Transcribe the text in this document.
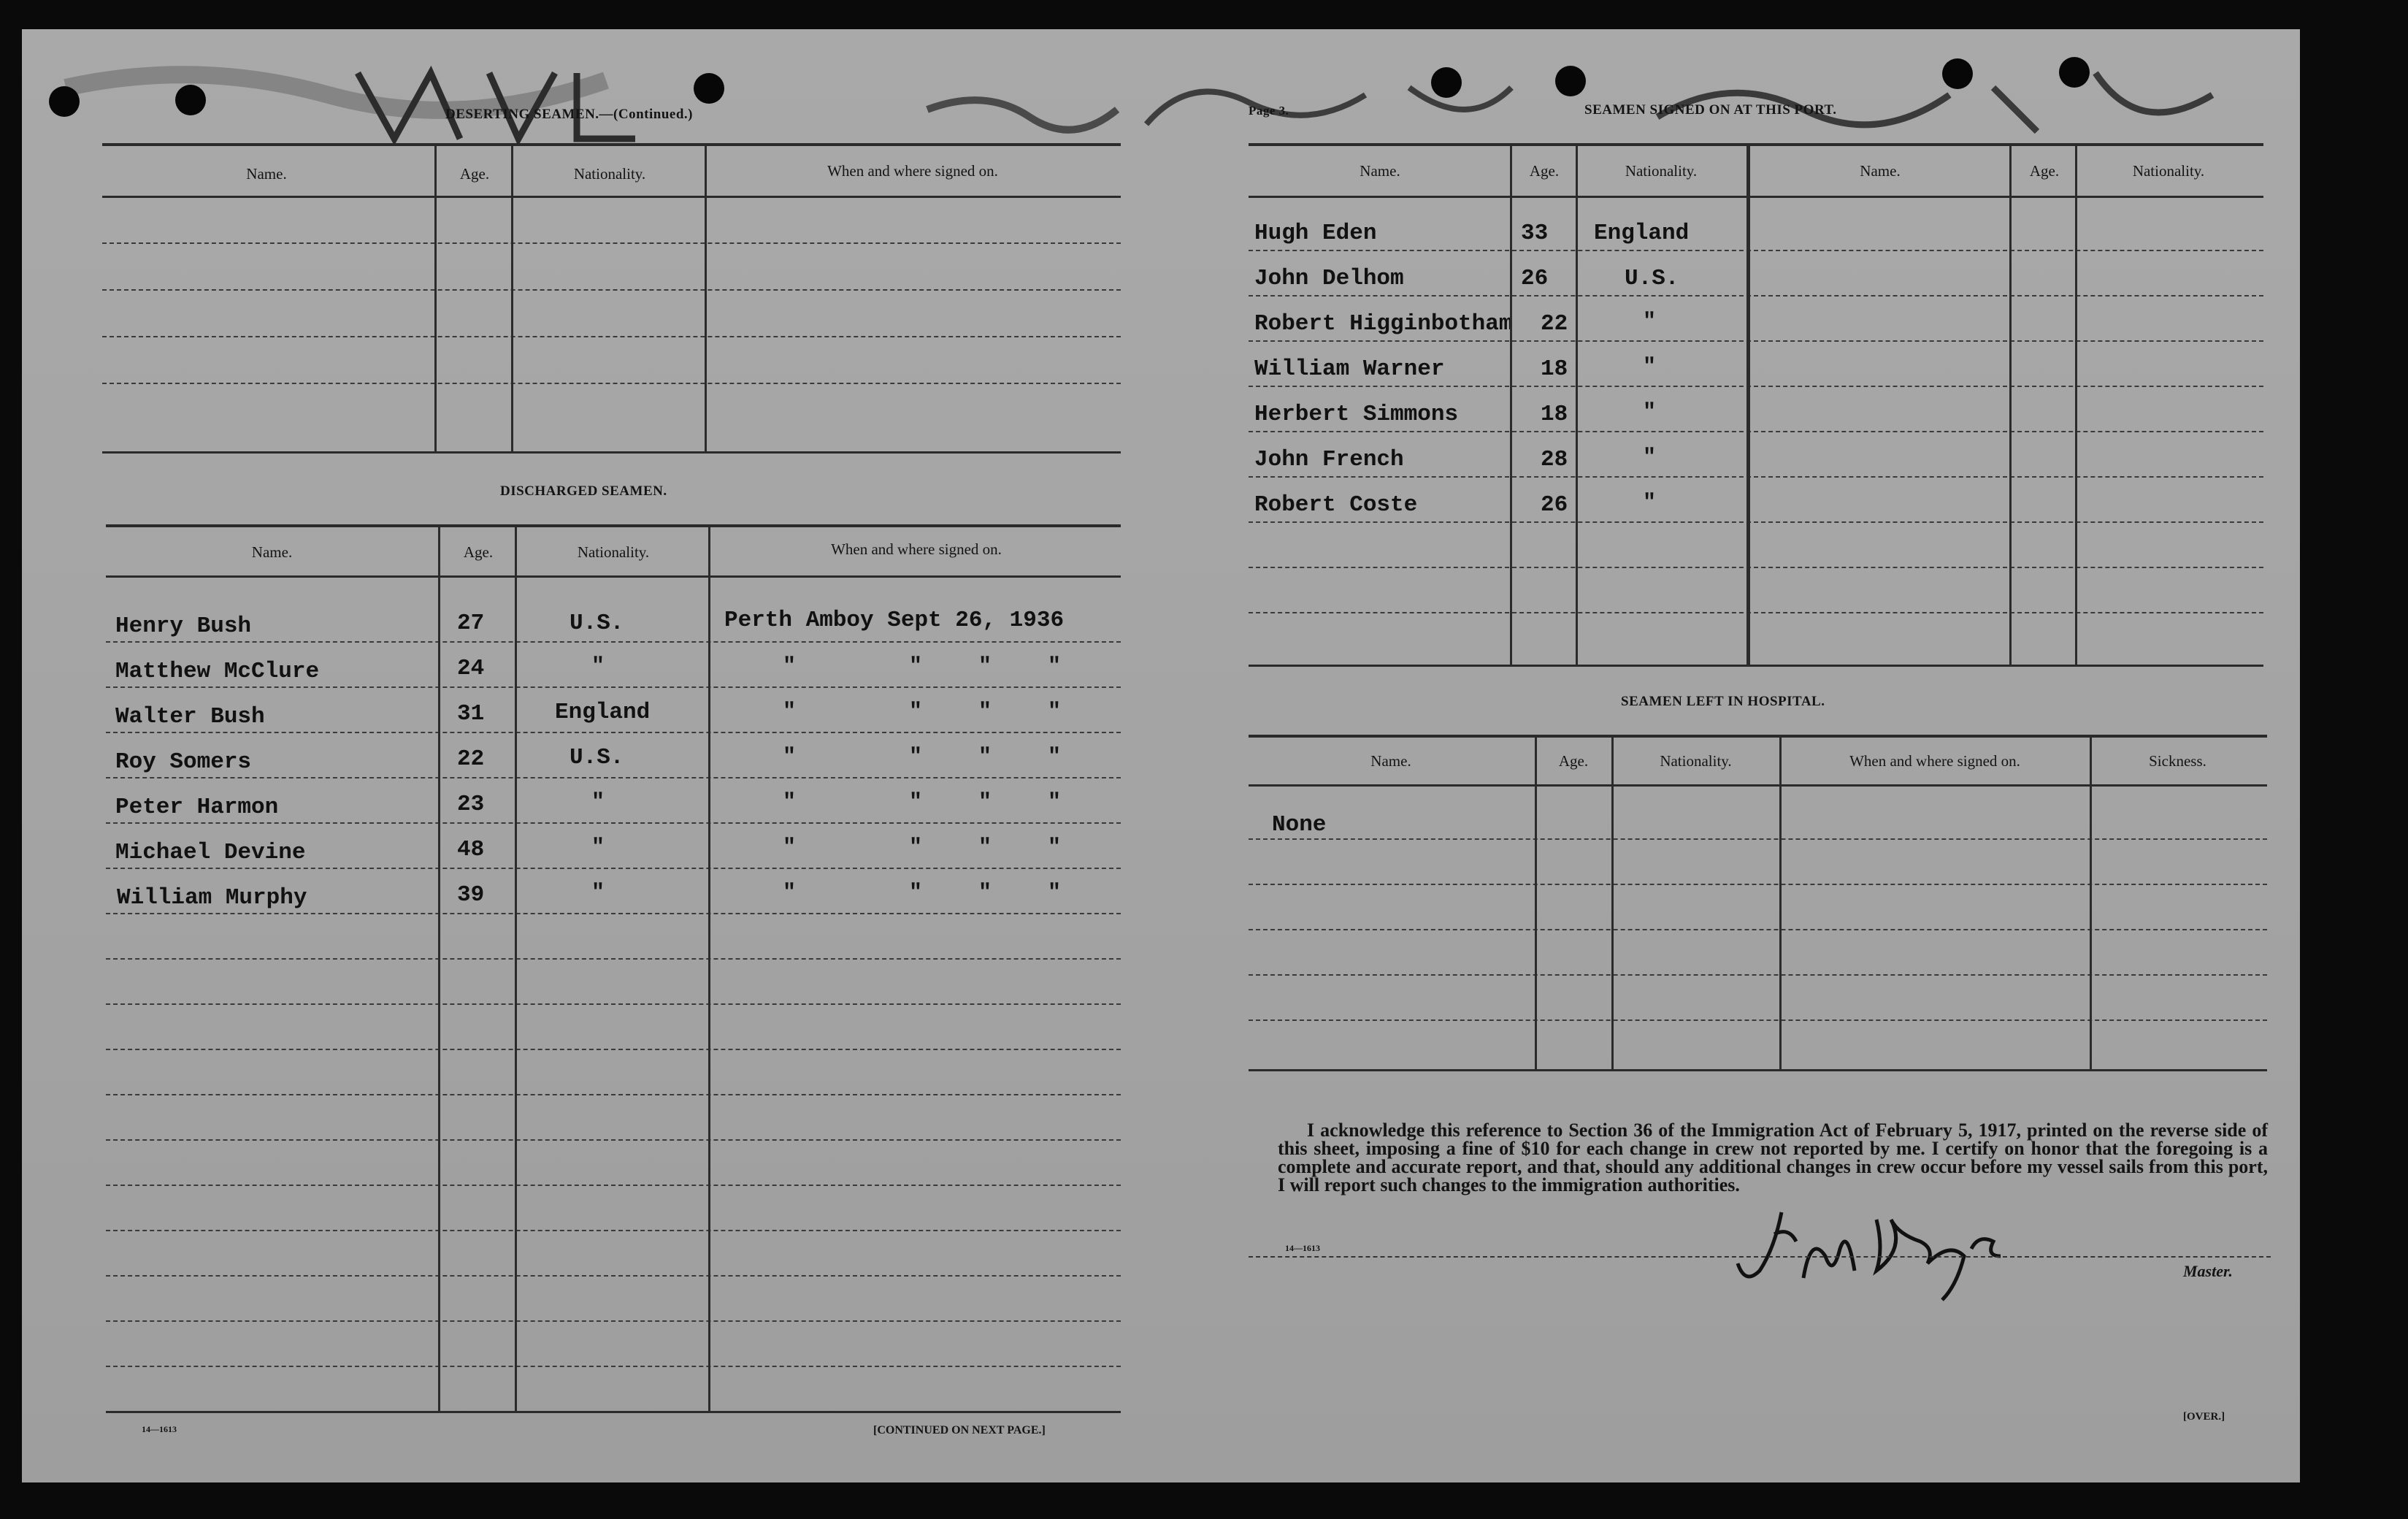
DESERTING SEAMEN.—(Continued.)
Name.	Age.	Nationality.	When and where signed on.
DISCHARGED SEAMEN.
Name.	Age.	Nationality.	When and where signed on.
Henry Bush	27	U.S.	Perth Amboy Sept 26, 1936
Matthew McClure	24	"	"	"	"	"
Walter Bush	31	England	"	"	"	"
Roy Somers	22	U.S.	"	"	"	"
Peter Harmon	23	"	"	"	"	"
Michael Devine	48	"	"	"	"	"
William Murphy	39	"	"	"	"	"
14—1613	[CONTINUED ON NEXT PAGE.]
Page 3.	SEAMEN SIGNED ON AT THIS PORT.
Name.	Age.	Nationality.	Name.	Age.	Nationality.
Hugh Eden	33 England
John Delhom	26	U.S.
Robert Higginbotham 22	"
William Warner	18	"
Herbert Simmons	18	"
John French	28	"
Robert Coste	26	"
SEAMEN LEFT IN HOSPITAL.
Name.	Age.	Nationality.	When and where signed on.	Sickness.
None
I acknowledge this reference to Section 36 of the Immigration Act of February 5, 1917, printed on the reverse side of this sheet, imposing a fine of $10 for each change in crew not reported by me. I certify on honor that the foregoing is a complete and accurate report, and that, should any additional changes in crew occur before my vessel sails from this port, I will report such changes to the immigration authorities.
14—1613
Master.
[OVER.]
